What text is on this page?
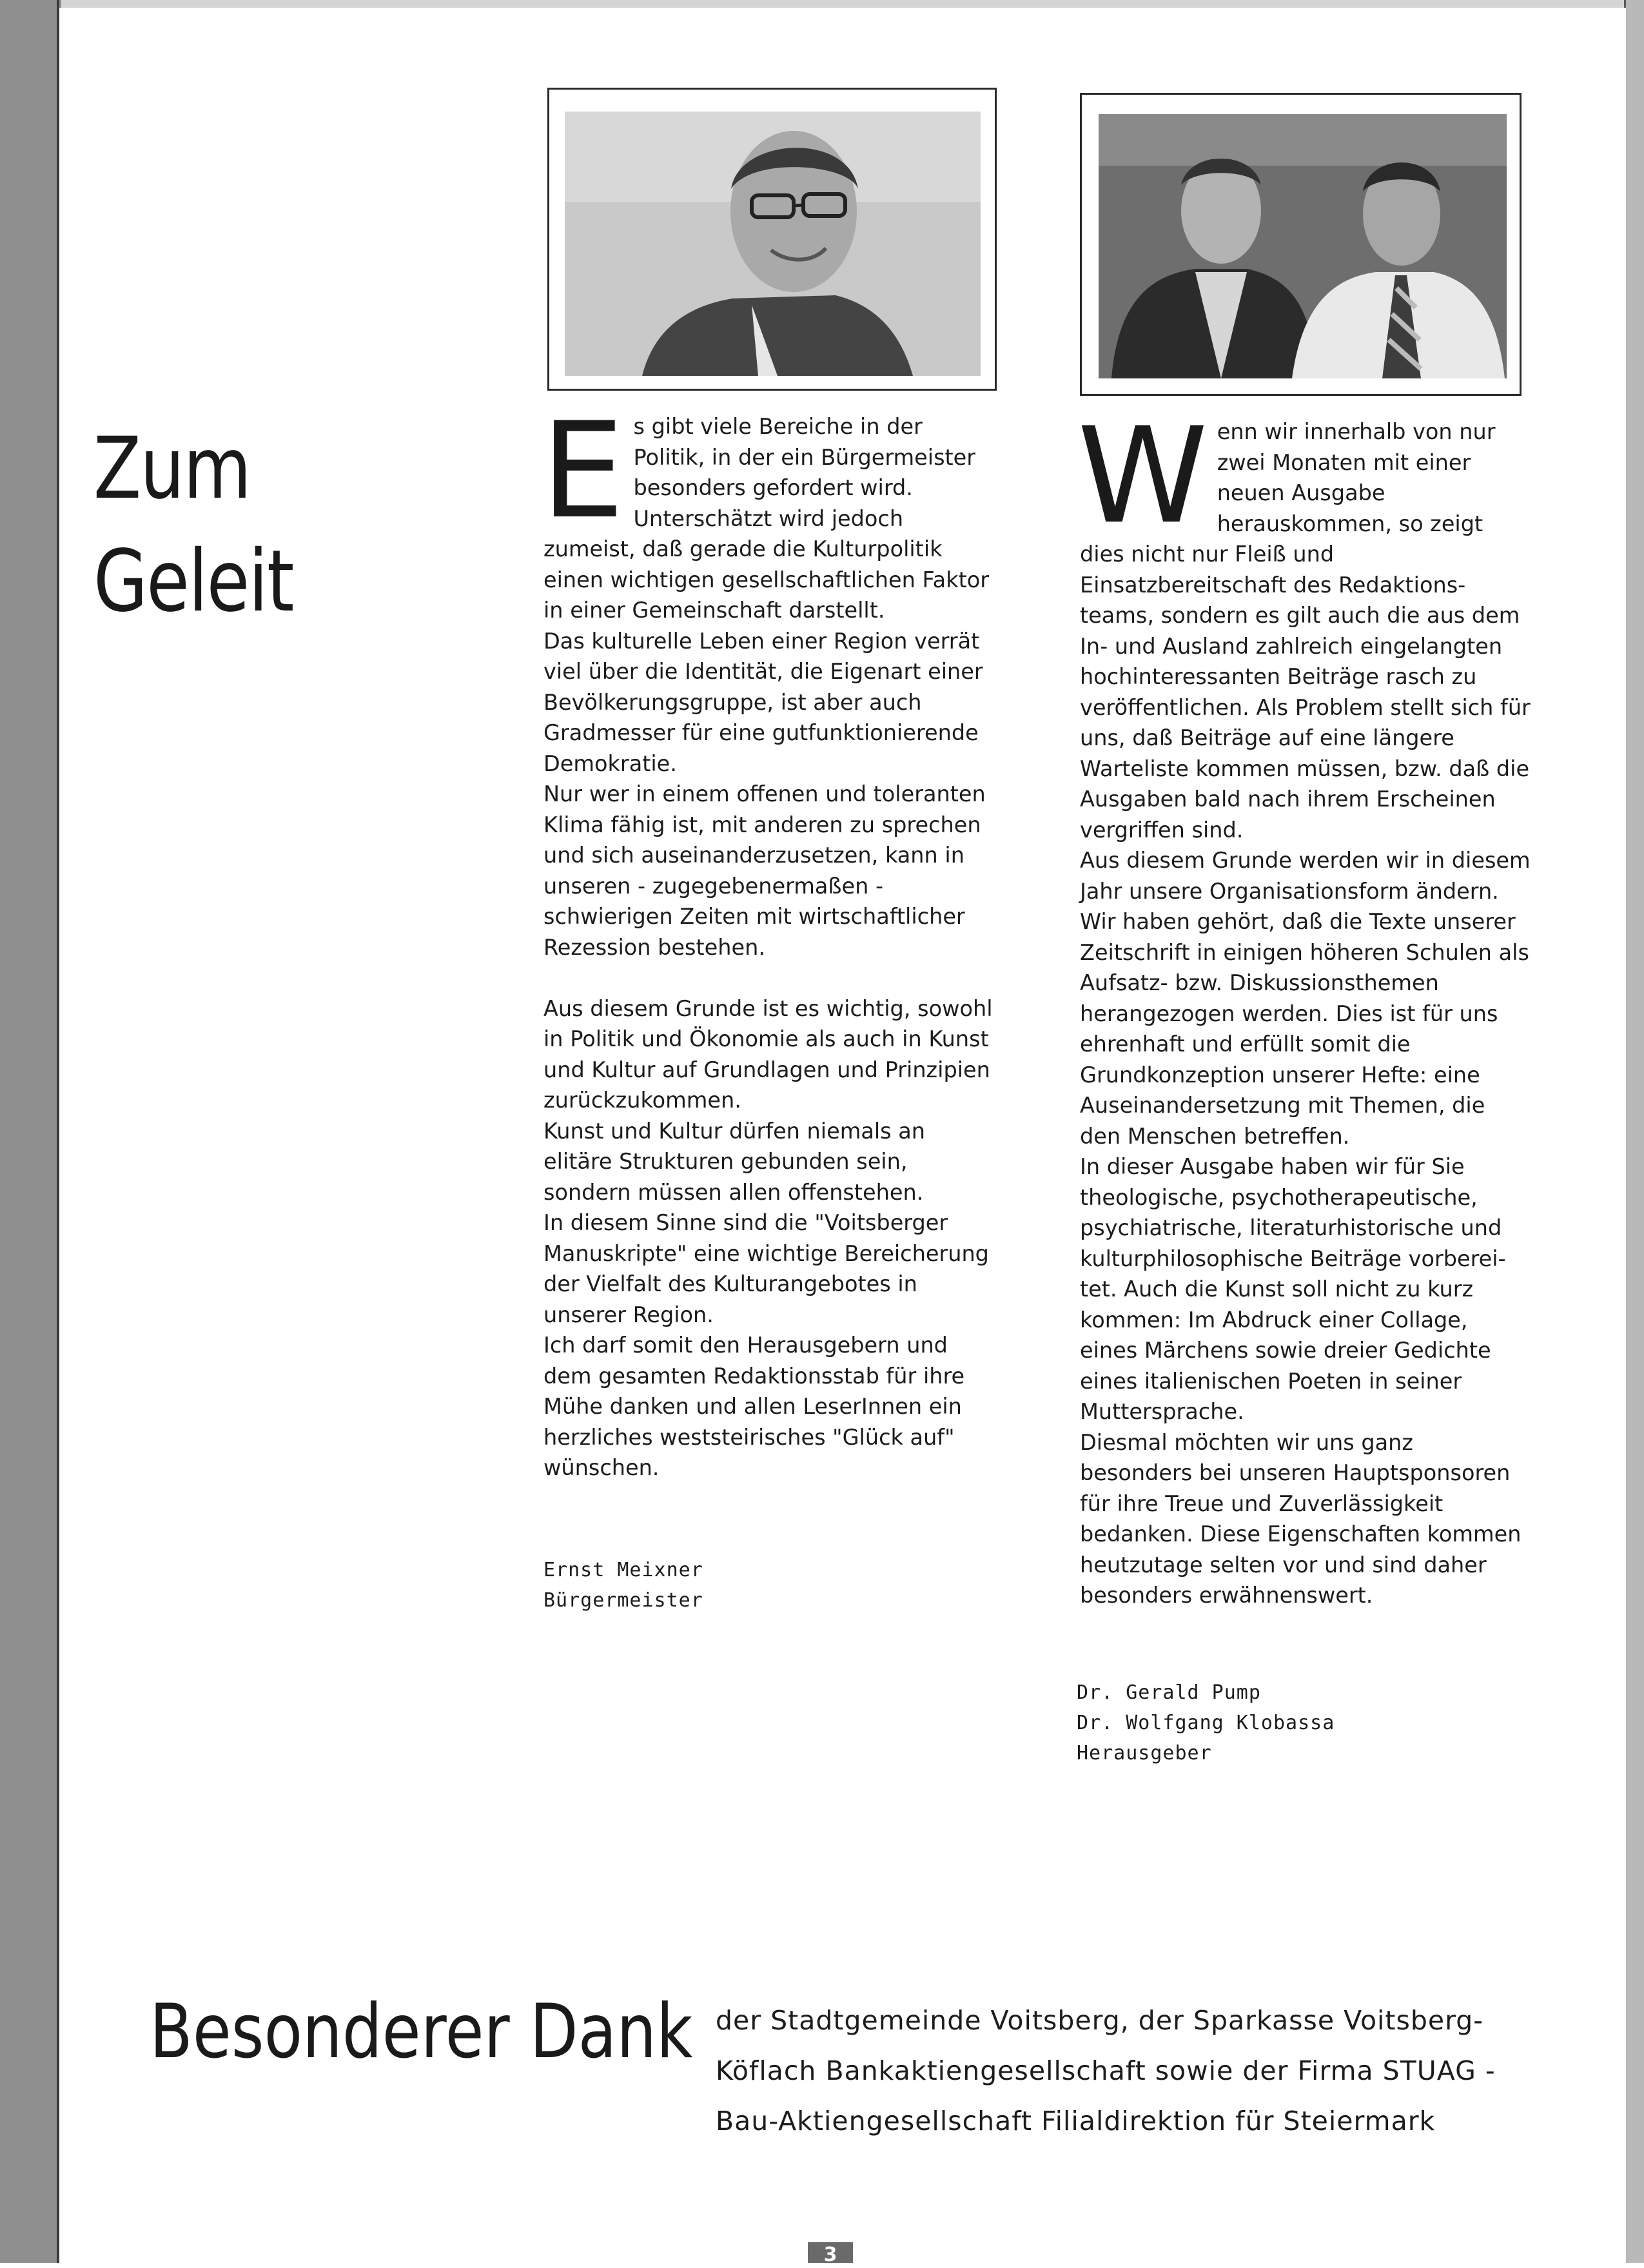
Zum
Geleit
E s gibt viele Bereiche in der Politik, in der ein Bürgermeister besonders gefordert wird.

Unterschätzt wird jedoch zumeist, daß gerade die Kulturpolitik einen wichtigen gesellschaftlichen Faktor in einer Gemeinschaft darstellt.

Das kulturelle Leben einer Region verrät viel über die Identität, die Eigenart einer Bevölkerungsgruppe, ist aber auch Gradmesser für eine gutfunktionierende Demokratie.

Nur wer in einem offenen und toleranten Klima fähig ist, mit anderen zu sprechen und sich auseinanderzusetzen, kann in unseren - zugegebenermaßen - schwierigen Zeiten mit wirtschaftlicher Rezession bestehen.

Aus diesem Grunde ist es wichtig, sowohl in Politik und Ökonomie als auch in Kunst und Kultur auf Grundlagen und Prinzipien zurückzukommen.

Kunst und Kultur dürfen niemals an elitäre Strukturen gebunden sein, sondern müssen allen offenstehen.

In diesem Sinne sind die "Voitsberger Manuskripte" eine wichtige Bereicherung der Vielfalt des Kulturangebotes in unserer Region.

Ich darf somit den Herausgebern und dem gesamten Redaktionsstab für ihre Mühe danken und allen LeserInnen ein herzliches weststeirisches "Glück auf" wünschen.

Ernst Meixner
Bürgermeister
W enn wir innerhalb von nur zwei Monaten mit einer neuen Ausgabe herauskommen, so zeigt dies nicht nur Fleiß und Einsatzbereitschaft des Redaktions-teams, sondern es gilt auch die aus dem In- und Ausland zahlreich eingelangten hochinteressanten Beiträge rasch zu veröffentlichen. Als Problem stellt sich für uns, daß Beiträge auf eine längere Warteliste kommen müssen, bzw. daß die Ausgaben bald nach ihrem Erscheinen vergriffen sind.

Aus diesem Grunde werden wir in diesem Jahr unsere Organisationsform ändern.

Wir haben gehört, daß die Texte unserer Zeitschrift in einigen höheren Schulen als Aufsatz- bzw. Diskussionsthemen herangezogen werden. Dies ist für uns ehrenhaft und erfüllt somit die Grundkonzeption unserer Hefte: eine Auseinandersetzung mit Themen, die den Menschen betreffen.

In dieser Ausgabe haben wir für Sie theologische, psychotherapeutische, psychiatrische, literaturhistorische und kulturphilosophische Beiträge vorberei-tet. Auch die Kunst soll nicht zu kurz kommen: Im Abdruck einer Collage, eines Märchens sowie dreier Gedichte eines italienischen Poeten in seiner Muttersprache.

Diesmal möchten wir uns ganz besonders bei unseren Hauptsponsoren für ihre Treue und Zuverlässigkeit bedanken. Diese Eigenschaften kommen heutzutage selten vor und sind daher besonders erwähnenswert.

Dr. Gerald Pump
Dr. Wolfgang Klobassa
Herausgeber
Besonderer Dank der Stadtgemeinde Voitsberg, der Sparkasse Voitsberg-
Köflach Bankaktiengesellschaft sowie der Firma STUAG -
Bau-Aktiengesellschaft Filialdirektion für Steiermark
3
